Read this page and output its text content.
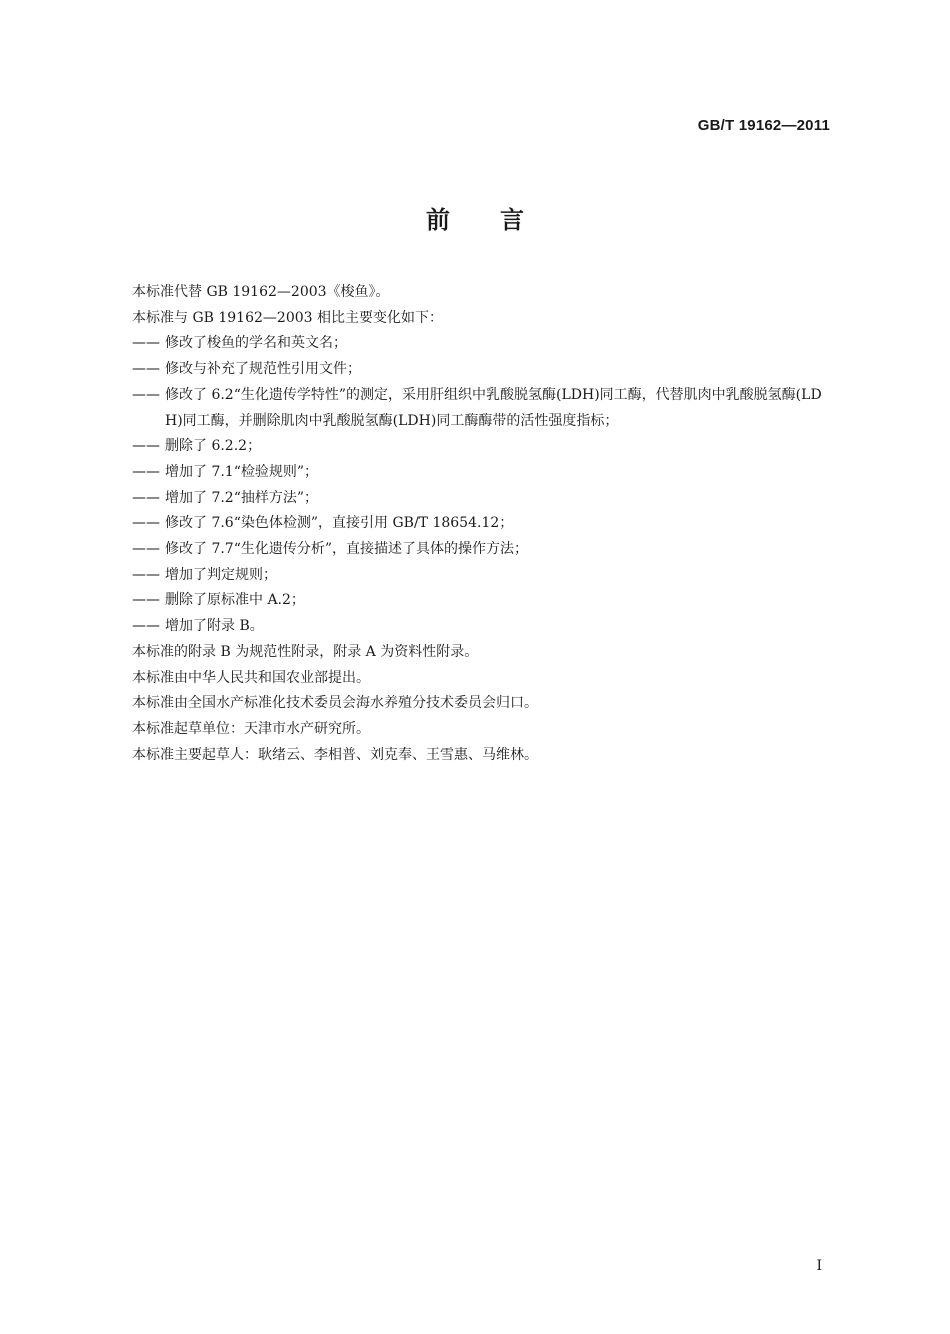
GB/T 19162—2011
前言
本标准代替 GB 19162—2003《梭鱼》。
本标准与 GB 19162—2003 相比主要变化如下：
—— 修改了梭鱼的学名和英文名；
—— 修改与补充了规范性引用文件；
—— 修改了 6.2“生化遗传学特性”的测定，采用肝组织中乳酸脱氢酶(LDH)同工酶，代替肌肉中乳酸脱氢酶(LDH)同工酶，并删除肌肉中乳酸脱氢酶(LDH)同工酶酶带的活性强度指标；
—— 删除了 6.2.2；
—— 增加了 7.1“检验规则”；
—— 增加了 7.2“抽样方法”；
—— 修改了 7.6“染色体检测”，直接引用 GB/T 18654.12；
—— 修改了 7.7“生化遗传分析”，直接描述了具体的操作方法；
—— 增加了判定规则；
—— 删除了原标准中 A.2；
—— 增加了附录 B。
本标准的附录 B 为规范性附录，附录 A 为资料性附录。
本标准由中华人民共和国农业部提出。
本标准由全国水产标准化技术委员会海水养殖分技术委员会归口。
本标准起草单位：天津市水产研究所。
本标准主要起草人：耿绪云、李相普、刘克奉、王雪惠、马维林。
I
